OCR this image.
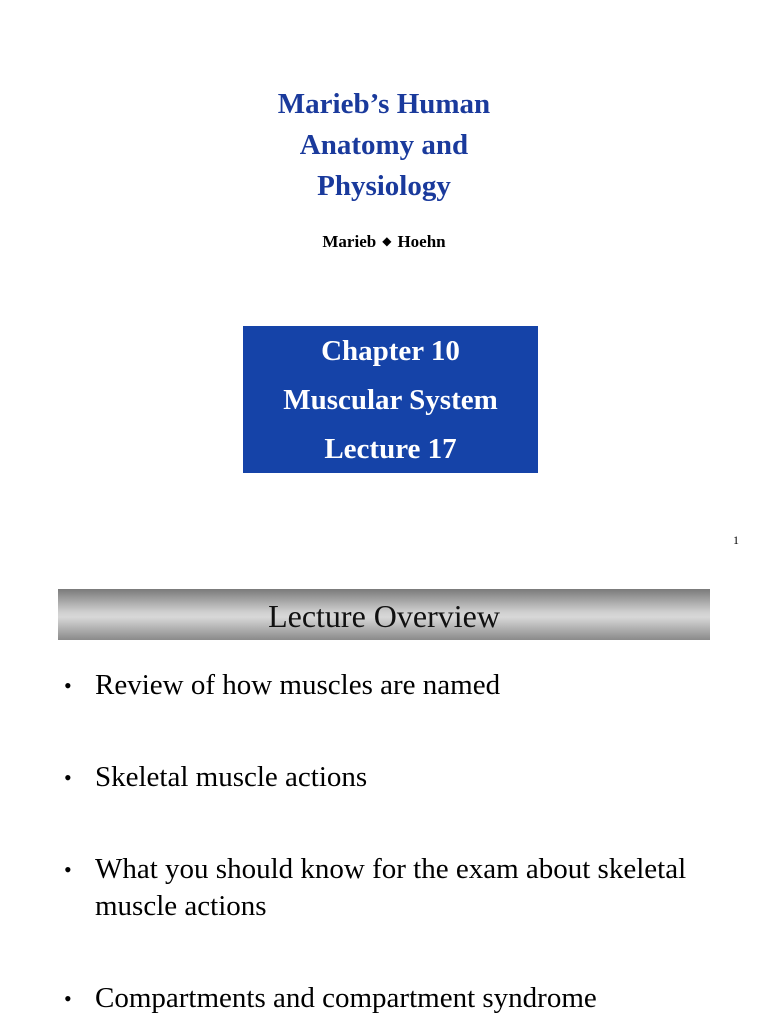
Marieb’s Human
Anatomy and
Physiology
Marieb ◆ Hoehn
Chapter 10
Muscular System
Lecture 17
1
Lecture Overview
• Review of how muscles are named
• Skeletal muscle actions
• What you should know for the exam about skeletal muscle actions
• Compartments and compartment syndrome
